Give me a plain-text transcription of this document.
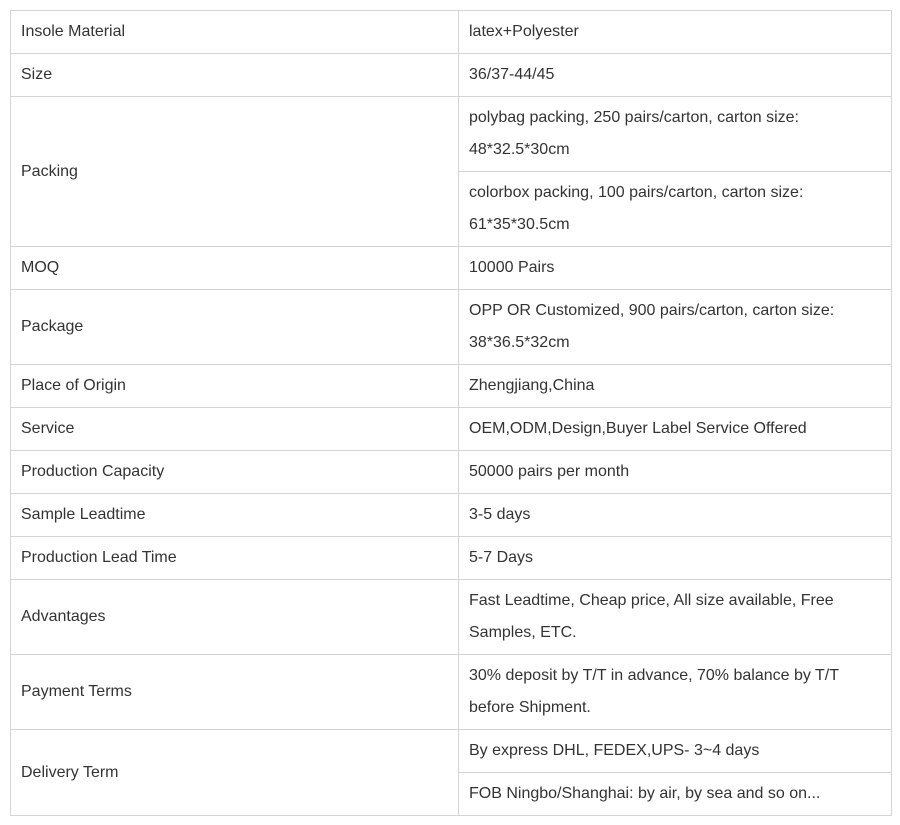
Insole Material	latex+Polyester
Size	36/37-44/45
Packing	polybag packing, 250 pairs/carton, carton size: 48*32.5*30cm
	colorbox packing, 100 pairs/carton, carton size: 61*35*30.5cm
MOQ	10000 Pairs
Package	OPP OR Customized, 900 pairs/carton, carton size: 38*36.5*32cm
Place of Origin	Zhengjiang,China
Service	OEM,ODM,Design,Buyer Label Service Offered
Production Capacity	50000 pairs per month
Sample Leadtime	3-5 days
Production Lead Time	5-7 Days
Advantages	Fast Leadtime, Cheap price, All size available, Free Samples, ETC.
Payment Terms	30% deposit by T/T in advance, 70% balance by T/T before Shipment.
Delivery Term	By express DHL, FEDEX,UPS- 3~4 days
	FOB Ningbo/Shanghai: by air, by sea and so on...
